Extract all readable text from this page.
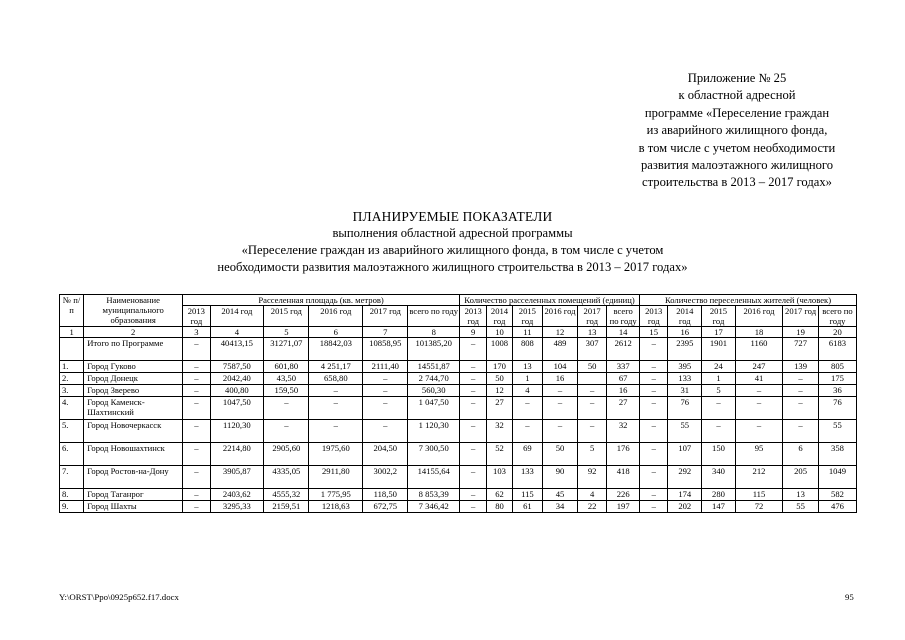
Приложение № 25
к областной адресной
программе «Переселение граждан
из аварийного жилищного фонда,
в том числе с учетом необходимости
развития малоэтажного жилищного
строительства в 2013 – 2017 годах»
ПЛАНИРУЕМЫЕ ПОКАЗАТЕЛИ
выполнения областной адресной программы
«Переселение граждан из аварийного жилищного фонда, в том числе с учетом
необходимости развития малоэтажного жилищного строительства в 2013 – 2017 годах»
№ п/п	Наименование муниципального образования	Расселенная площадь (кв. метров)						Количество расселенных помещений (единиц)						Количество переселенных жителей (человек)					
		2013 год	2014 год	2015 год	2016 год	2017 год	всего по году	2013 год	2014 год	2015 год	2016 год	2017 год	всего по году	2013 год	2014 год	2015 год	2016 год	2017 год	всего по году
1	2	3	4	5	6	7	8	9	10	11	12	13	14	15	16	17	18	19	20
	Итого по Программе	–	40413,15	31271,07	18842,03	10858,95	101385,20	–	1008	808	489	307	2612	–	2395	1901	1160	727	6183
1.	Город Гуково	–	7587,50	601,80	4 251,17	2111,40	14551,87	–	170	13	104	50	337	–	395	24	247	139	805
2.	Город Донецк	–	2042,40	43,50	658,80	–	2 744,70	–	50	1	16		67	–	133	1	41	–	175
3.	Город Зверево	–	400,80	159,50	–	–	560,30	–	12	4	–	–	16	–	31	5	–	–	36
4.	Город Каменск-Шахтинский	–	1047,50	–	–	–	1 047,50	–	27	–	–	–	27	–	76	–	–	–	76
5.	Город Новочеркасск	–	1120,30	–	–	–	1 120,30	–	32	–	–	–	32	–	55	–	–	–	55
6.	Город Новошахтинск	–	2214,80	2905,60	1975,60	204,50	7 300,50	–	52	69	50	5	176	–	107	150	95	6	358
7.	Город Ростов-на-Дону	–	3905,87	4335,05	2911,80	3002,2	14155,64	–	103	133	90	92	418	–	292	340	212	205	1049
8.	Город Таганрог	–	2403,62	4555,32	1 775,95	118,50	8 853,39	–	62	115	45	4	226	–	174	280	115	13	582
9.	Город Шахты	–	3295,33	2159,51	1218,63	672,75	7 346,42	–	80	61	34	22	197	–	202	147	72	55	476
Y:\ORST\Ppo\0925p652.f17.docx	95
